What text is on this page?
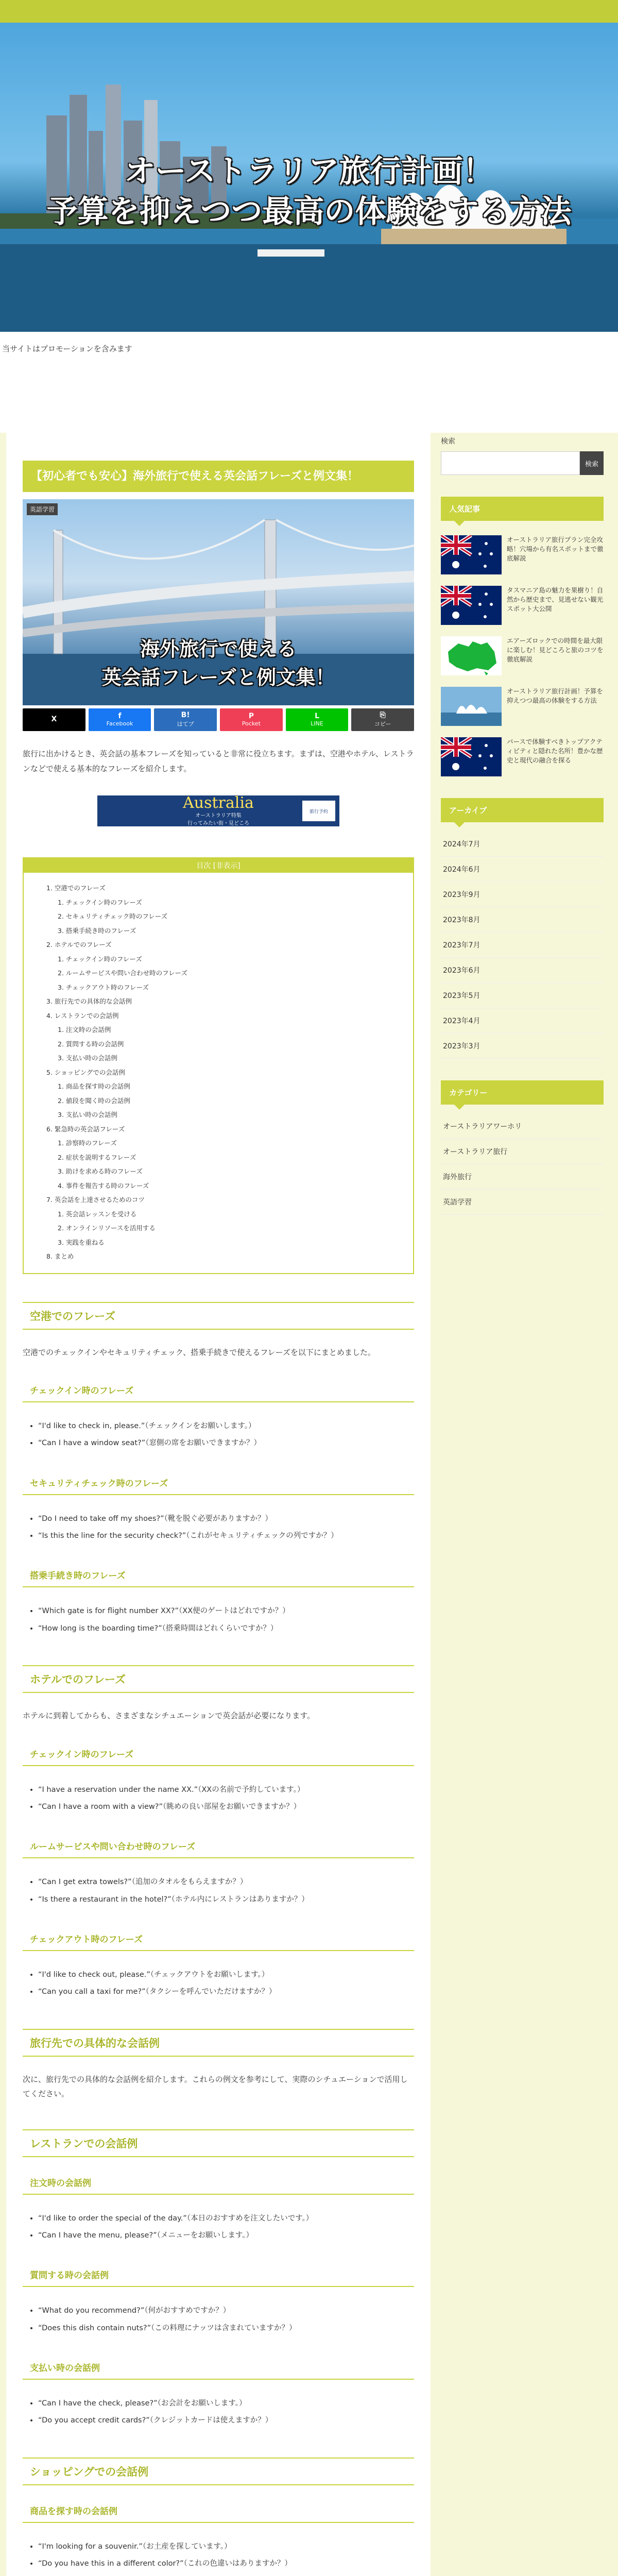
オーストラリア旅行計画！
予算を抑えつつ最高の体験をする方法
当サイトはプロモーションを含みます
【初心者でも安心】海外旅行で使える英会話フレーズと例文集！
英語学習
海外旅行で使える
英会話フレーズと例文集！
X	f
Facebook
B!
はてブ
P
Pocket
L
LINE
⎘
コピー

旅行に出かけるとき、英会話の基本フレーズを知っていると非常に役立ちます。まずは、空港やホテル、レストランなどで使える基本的なフレーズを紹介します。

Australia
オーストラリア特集
行ってみたい街・見どころ
旅行予約
目次 [非表示]
1. 空港でのフレーズ
1. チェックイン時のフレーズ
2. セキュリティチェック時のフレーズ
3. 搭乗手続き時のフレーズ
2. ホテルでのフレーズ
1. チェックイン時のフレーズ
2. ルームサービスや問い合わせ時のフレーズ
3. チェックアウト時のフレーズ
3. 旅行先での具体的な会話例
4. レストランでの会話例
1. 注文時の会話例
2. 質問する時の会話例
3. 支払い時の会話例
5. ショッピングでの会話例
1. 商品を探す時の会話例
2. 値段を聞く時の会話例
3. 支払い時の会話例
6. 緊急時の英会話フレーズ
1. 診察時のフレーズ
2. 症状を説明するフレーズ
3. 助けを求める時のフレーズ
4. 事件を報告する時のフレーズ
7. 英会話を上達させるためのコツ
1. 英会話レッスンを受ける
2. オンラインリソースを活用する
3. 実践を重ねる
8. まとめ
空港でのフレーズ

空港でのチェックインやセキュリティチェック、搭乗手続きで使えるフレーズを以下にまとめました。

チェックイン時のフレーズ
• “I'd like to check in, please.”（チェックインをお願いします。）
• “Can I have a window seat?”（窓側の席をお願いできますか？）
セキュリティチェック時のフレーズ
• “Do I need to take off my shoes?”（靴を脱ぐ必要がありますか？）
• “Is this the line for the security check?”（これがセキュリティチェックの列ですか？）
搭乗手続き時のフレーズ
• “Which gate is for flight number XX?”（XX便のゲートはどれですか？）
• “How long is the boarding time?”（搭乗時間はどれくらいですか？）
ホテルでのフレーズ

ホテルに到着してからも、さまざまなシチュエーションで英会話が必要になります。

チェックイン時のフレーズ
• “I have a reservation under the name XX.”（XXの名前で予約しています。）
• “Can I have a room with a view?”（眺めの良い部屋をお願いできますか？）
ルームサービスや問い合わせ時のフレーズ
• “Can I get extra towels?”（追加のタオルをもらえますか？）
• “Is there a restaurant in the hotel?”（ホテル内にレストランはありますか？）
チェックアウト時のフレーズ
• “I'd like to check out, please.”（チェックアウトをお願いします。）
• “Can you call a taxi for me?”（タクシーを呼んでいただけますか？）
旅行先での具体的な会話例

次に、旅行先での具体的な会話例を紹介します。これらの例文を参考にして、実際のシチュエーションで活用してください。

レストランでの会話例
注文時の会話例
• “I'd like to order the special of the day.”（本日のおすすめを注文したいです。）
• “Can I have the menu, please?”（メニューをお願いします。）
質問する時の会話例
• “What do you recommend?”（何がおすすめですか？）
• “Does this dish contain nuts?”（この料理にナッツは含まれていますか？）
支払い時の会話例
• “Can I have the check, please?”（お会計をお願いします。）
• “Do you accept credit cards?”（クレジットカードは使えますか？）
ショッピングでの会話例
商品を探す時の会話例
• “I'm looking for a souvenir.”（お土産を探しています。）
• “Do you have this in a different color?”（これの色違いはありますか？）

検索
検索
人気記事
オーストラリア旅行プラン完全攻略！穴場から有名スポットまで徹底解説
タスマニア島の魅力を果樹り！自然から歴史まで、見逃せない観光スポット大公開
エアーズロックでの時間を最大限に楽しむ！見どころと旅のコツを徹底解説
オーストラリア旅行計画！予算を抑えつつ最高の体験をする方法
パースで体験すべきトップアクティビティと隠れた名所！豊かな歴史と現代の融合を探る
アーカイブ
2024年7月
2024年6月
2023年9月
2023年8月
2023年7月
2023年6月
2023年5月
2023年4月
2023年3月
カテゴリー
オーストラリアワーホリ
オーストラリア旅行
海外旅行
英語学習
